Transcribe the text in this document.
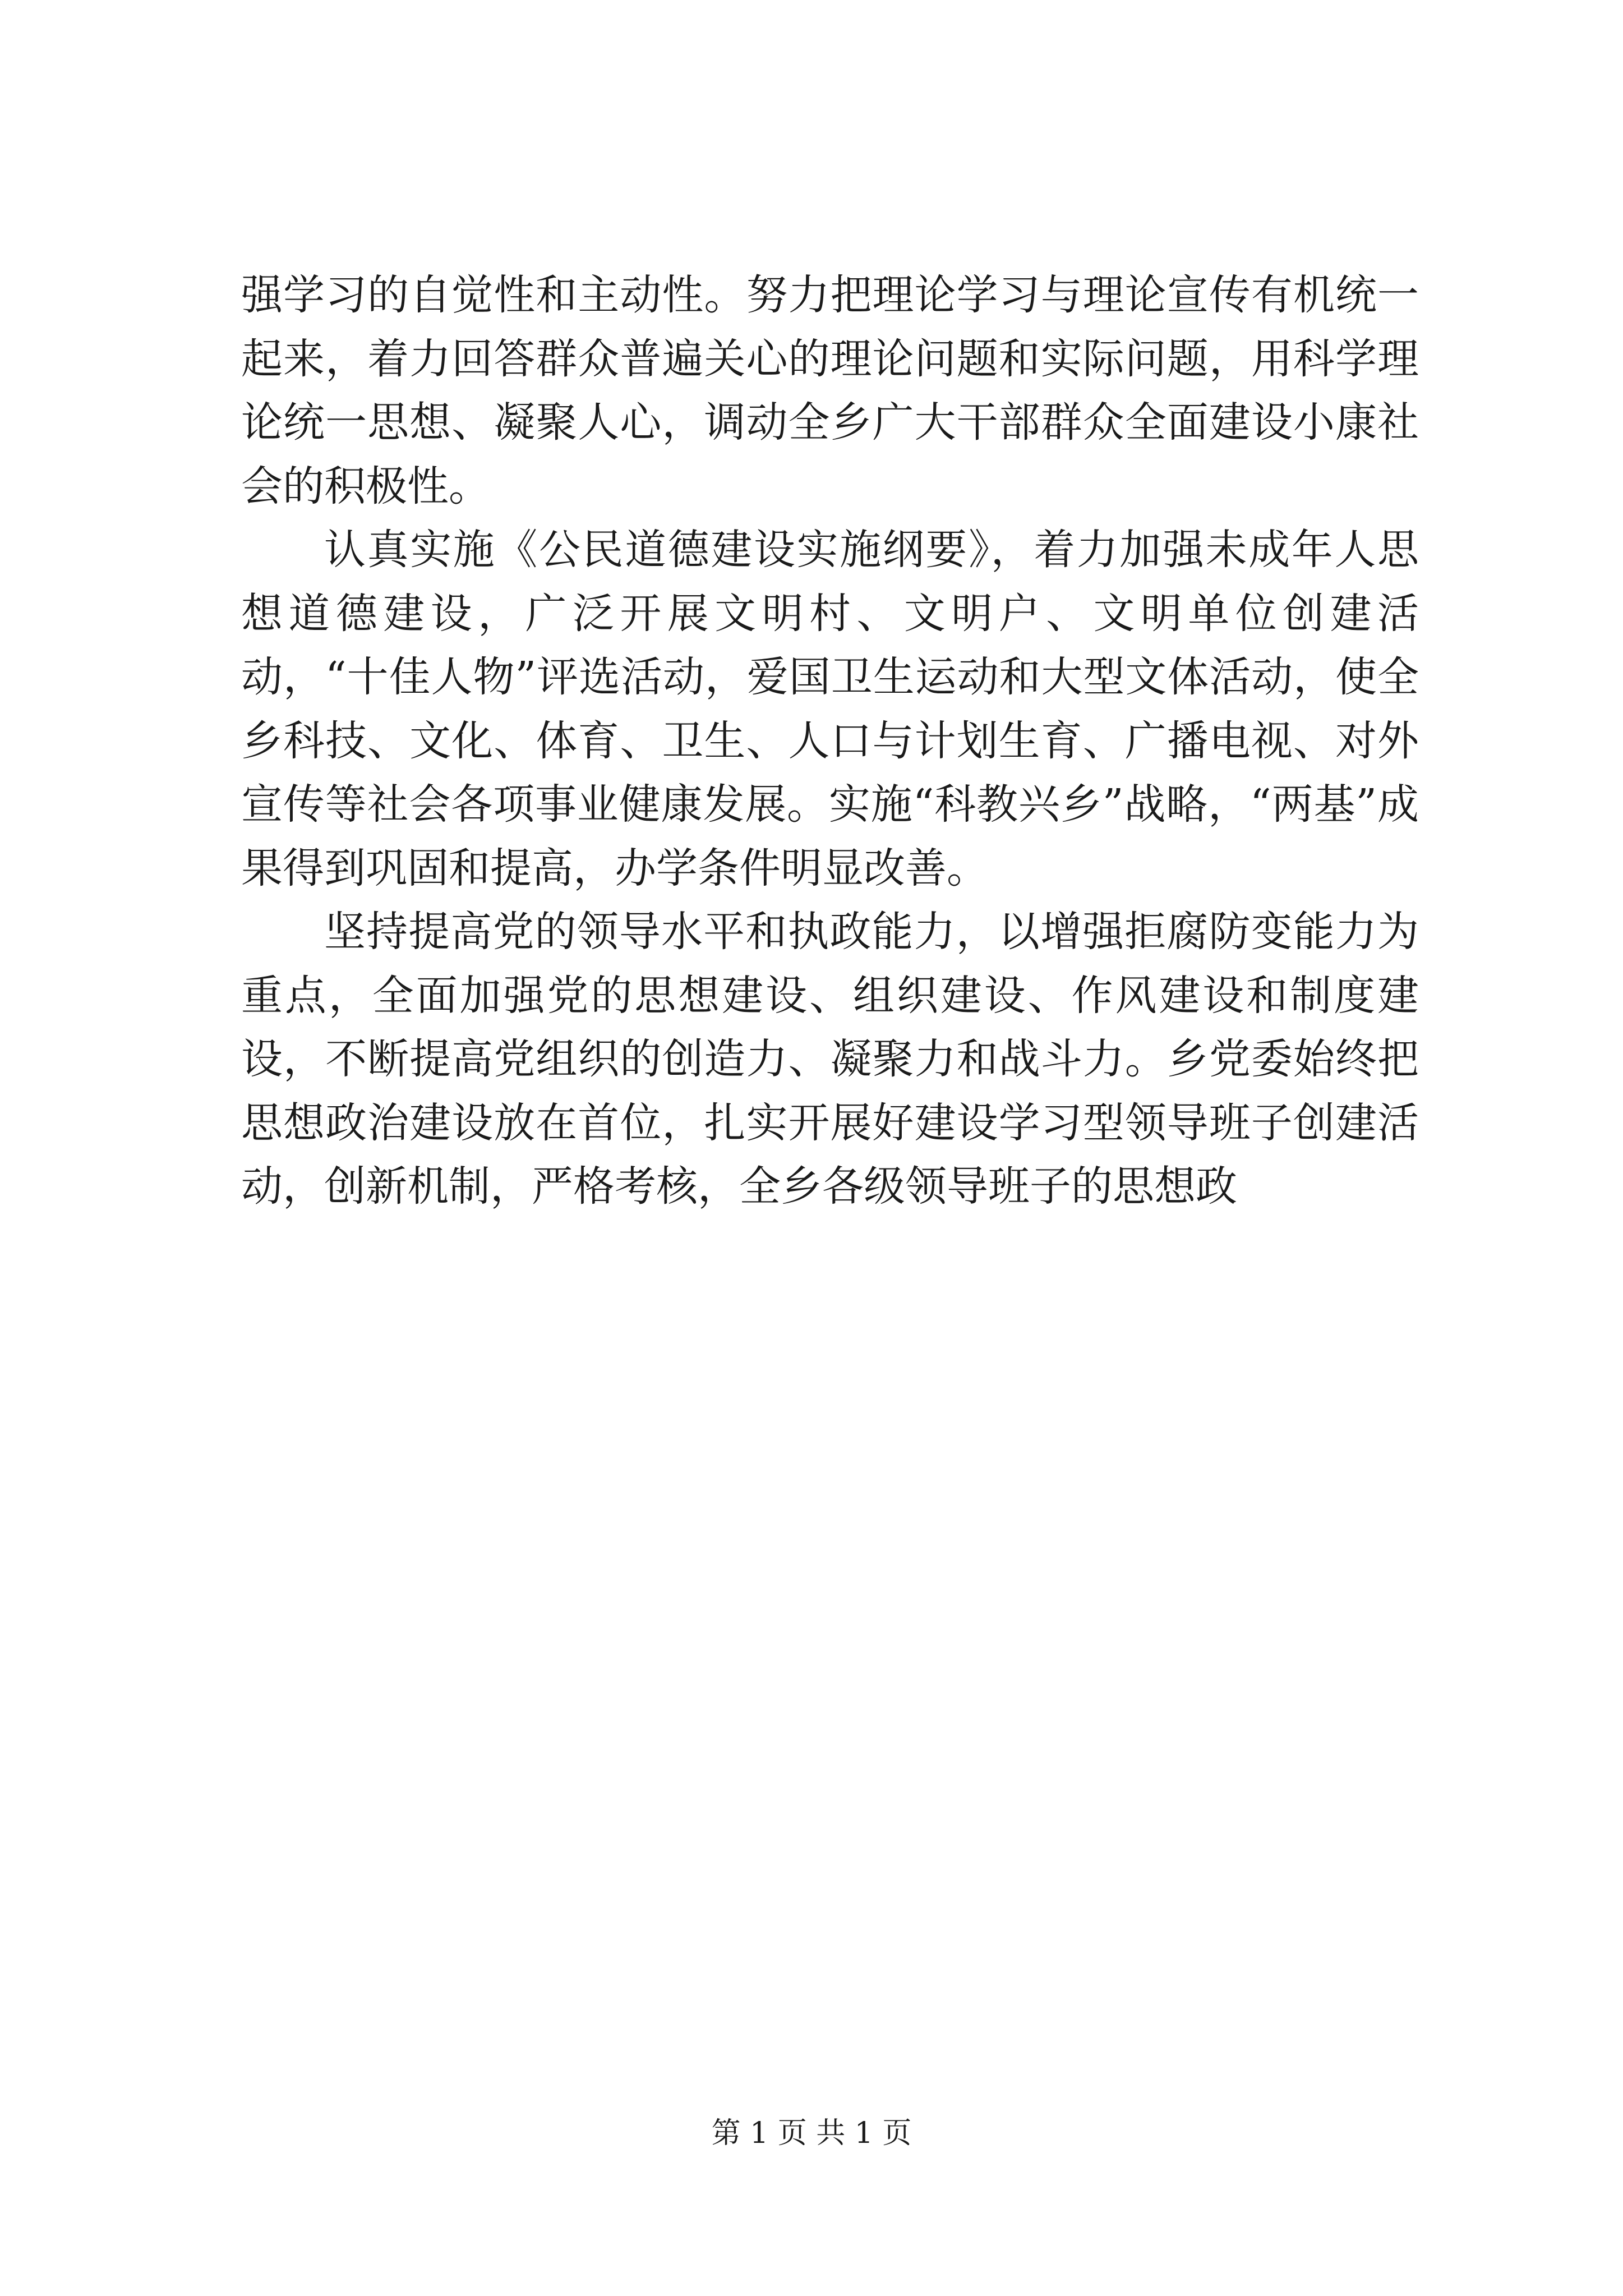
强学习的自觉性和主动性。努力把理论学习与理论宣传有机统一起来，着力回答群众普遍关心的理论问题和实际问题，用科学理论统一思想、凝聚人心，调动全乡广大干部群众全面建设小康社会的积极性。

认真实施《公民道德建设实施纲要》，着力加强未成年人思想道德建设，广泛开展文明村、文明户、文明单位创建活动，“十佳人物”评选活动，爱国卫生运动和大型文体活动，使全乡科技、文化、体育、卫生、人口与计划生育、广播电视、对外宣传等社会各项事业健康发展。实施“科教兴乡”战略，“两基”成果得到巩固和提高，办学条件明显改善。

坚持提高党的领导水平和执政能力，以增强拒腐防变能力为重点，全面加强党的思想建设、组织建设、作风建设和制度建设，不断提高党组织的创造力、凝聚力和战斗力。乡党委始终把思想政治建设放在首位，扎实开展好建设学习型领导班子创建活动，创新机制，严格考核，全乡各级领导班子的思想政

第 1 页 共 1 页
